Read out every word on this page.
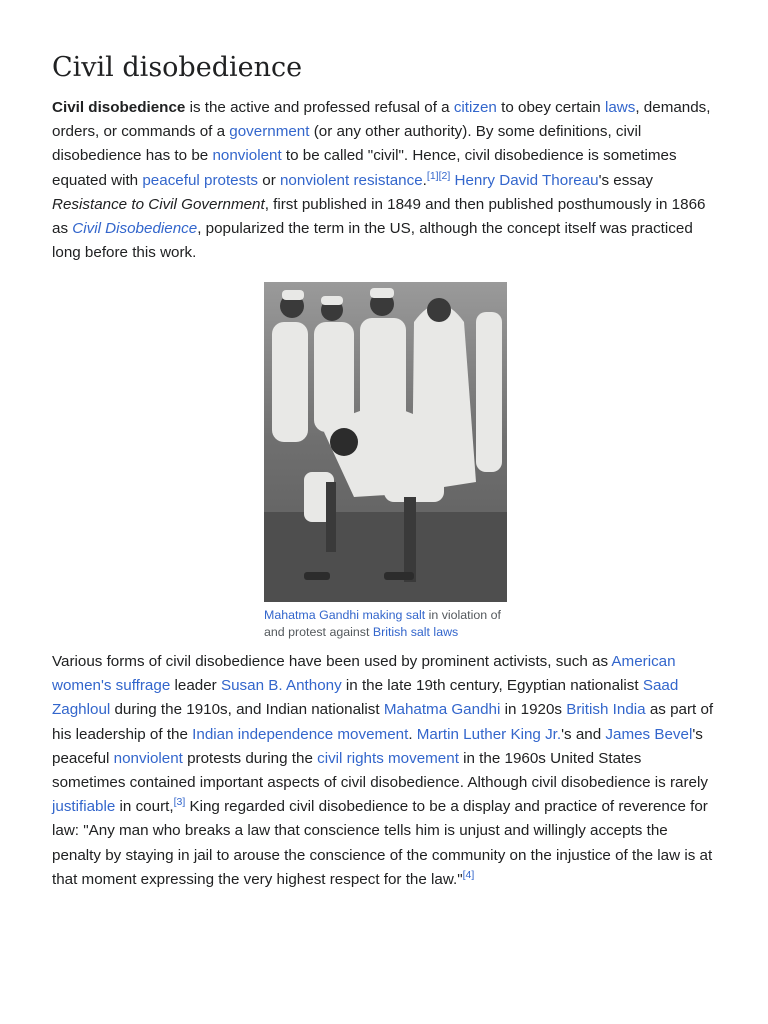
Civil disobedience

Civil disobedience is the active and professed refusal of a citizen to obey certain laws, demands, orders, or commands of a government (or any other authority). By some definitions, civil disobedience has to be nonviolent to be called "civil". Hence, civil disobedience is sometimes equated with peaceful protests or nonviolent resistance.[1][2] Henry David Thoreau's essay Resistance to Civil Government, first published in 1849 and then published posthumously in 1866 as Civil Disobedience, popularized the term in the US, although the concept itself was practiced long before this work.

Mahatma Gandhi making salt in violation of and protest against British salt laws

Various forms of civil disobedience have been used by prominent activists, such as American women's suffrage leader Susan B. Anthony in the late 19th century, Egyptian nationalist Saad Zaghloul during the 1910s, and Indian nationalist Mahatma Gandhi in 1920s British India as part of his leadership of the Indian independence movement. Martin Luther King Jr.'s and James Bevel's peaceful nonviolent protests during the civil rights movement in the 1960s United States sometimes contained important aspects of civil disobedience. Although civil disobedience is rarely justifiable in court,[3] King regarded civil disobedience to be a display and practice of reverence for law: "Any man who breaks a law that conscience tells him is unjust and willingly accepts the penalty by staying in jail to arouse the conscience of the community on the injustice of the law is at that moment expressing the very highest respect for the law."[4]
